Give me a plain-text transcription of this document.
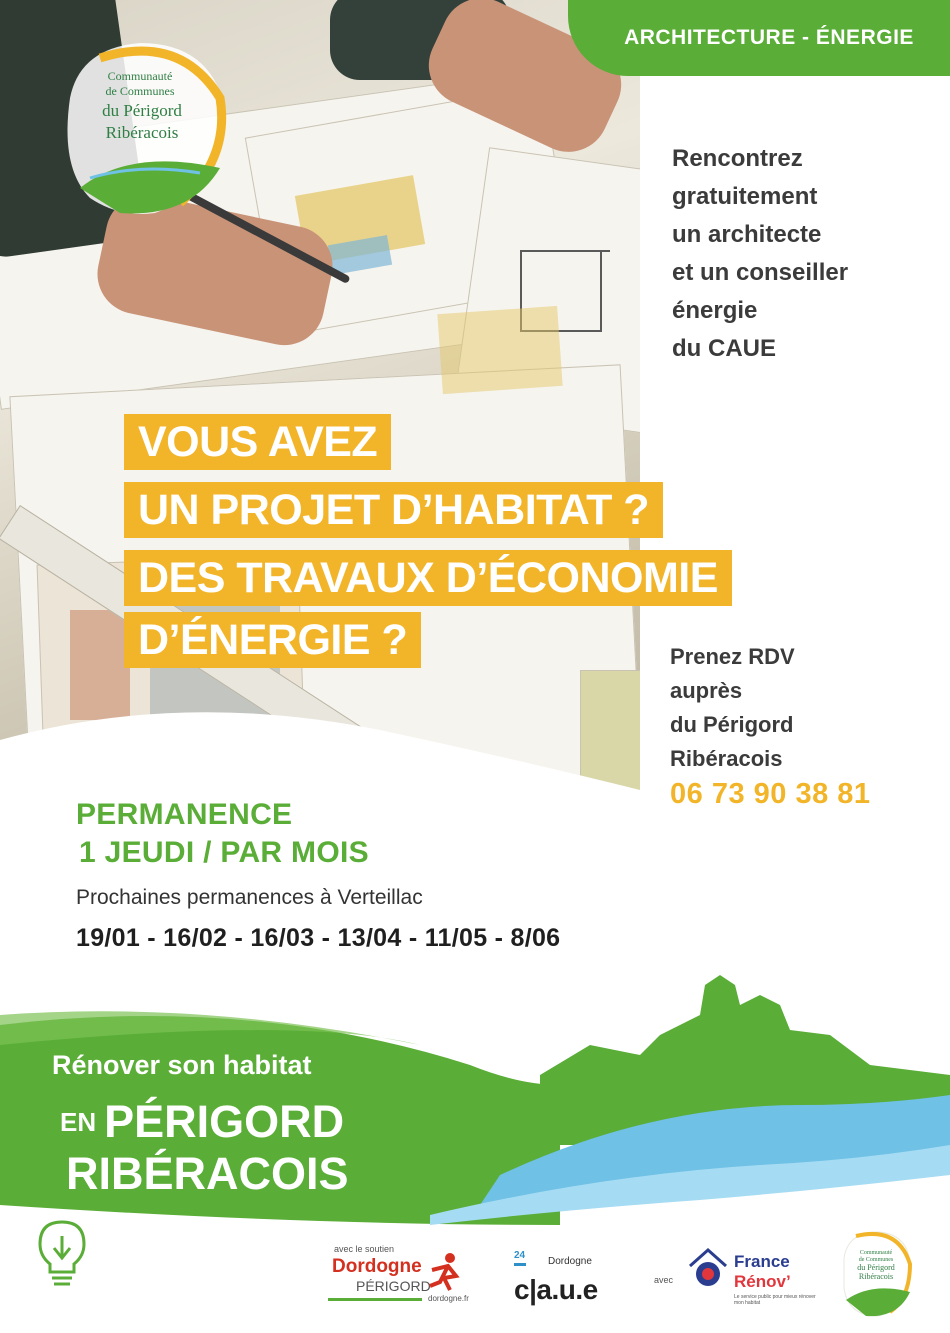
Communauté
de Communes
du Périgord
Ribéracois
ARCHITECTURE - ÉNERGIE
Rencontrez
gratuitement
un architecte
et un conseiller
énergie
du CAUE
VOUS AVEZ
UN PROJET D’HABITAT ?
DES TRAVAUX D’ÉCONOMIE
D’ÉNERGIE ?	Prenez RDV
auprès
du Périgord
Ribéracois
06 73 90 38 81
PERMANENCE
1 JEUDI / PAR MOIS
Prochaines permanences à Verteillac
19/01 - 16/02 - 16/03 - 13/04 - 11/05 - 8/06
Rénover son habitat
EN PÉRIGORD
RIBÉRACOIS
avec le soutien
Dordogne
PÉRIGORD
dordogne.fr
24
Dordogne
c|a.u.e	avec
France
Rénov’
Le service public pour mieux rénover mon habitat
Communauté
de Communes
du Périgord
Ribéracois
